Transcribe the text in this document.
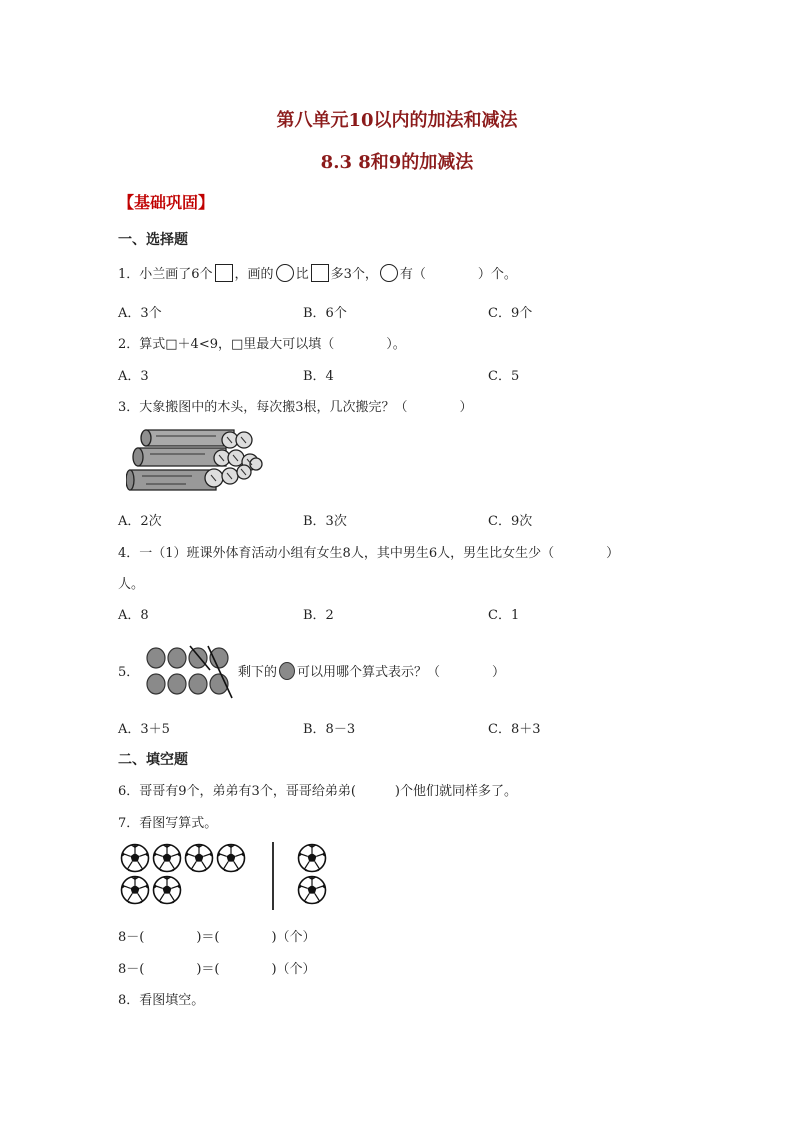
第八单元10以内的加法和减法
8.3 8和9的加减法
【基础巩固】
一、选择题
1．小兰画了6个 ，画的 比 多3个， 有（　　　　）个。
A．3个	B．6个	C．9个
2．算式□＋4<9，□里最大可以填（　　　　）。
A．3	B．4	C．5
3．大象搬图中的木头，每次搬3根，几次搬完？（　　　　）
A．2次	B．3次	C．9次
4．一（1）班课外体育活动小组有女生8人，其中男生6人，男生比女生少（　　　　）
人。
A．8	B．2	C．1
5．	剩下的 可以用哪个算式表示？（　　　　）
A．3＋5	B．8－3	C．8＋3
二、填空题
6．哥哥有9个，弟弟有3个，哥哥给弟弟(　　　)个他们就同样多了。
7．看图写算式。
8－(　　　　)＝(　　　　)（个）
8－(　　　　)＝(　　　　)（个）
8．看图填空。
